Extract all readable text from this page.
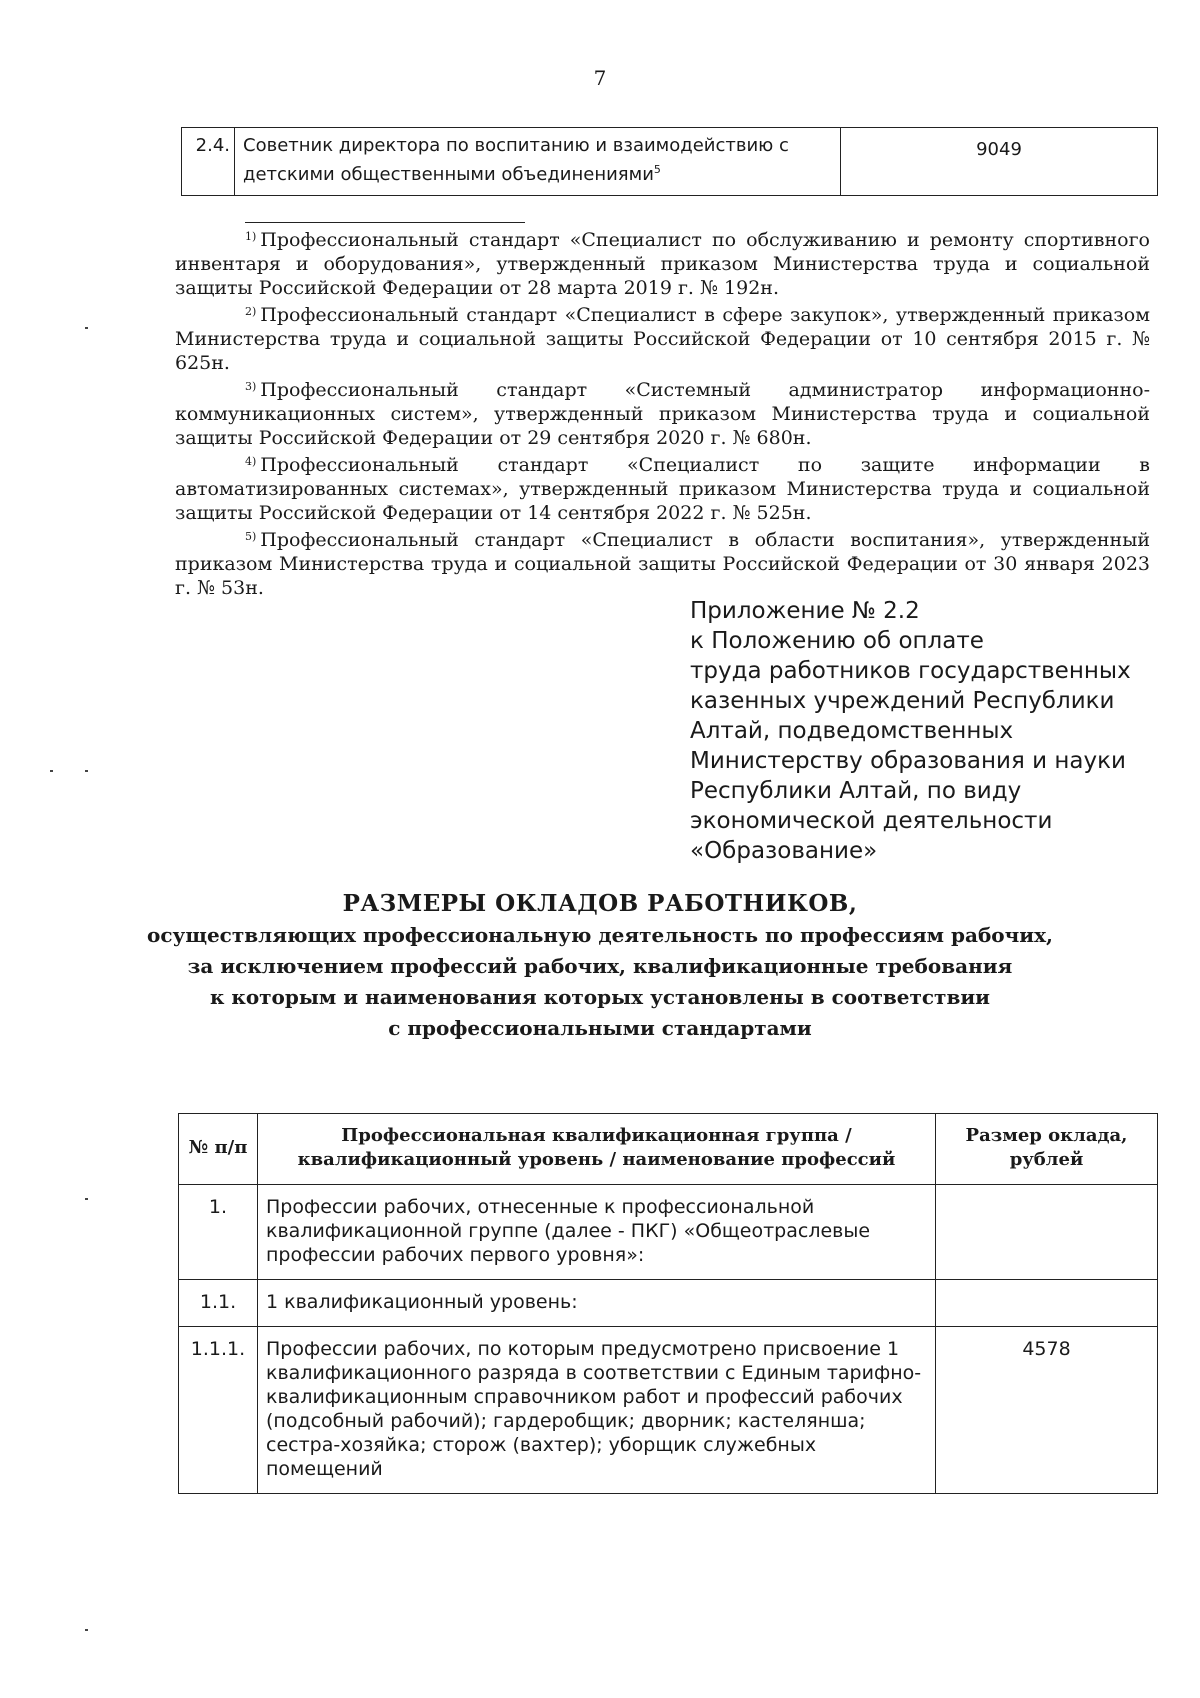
7
2.4.	Советник директора по воспитанию и взаимодействию с детскими общественными объединениями$^5$	9049

$^{1)}$ Профессиональный стандарт «Специалист по обслуживанию и ремонту спортивного инвентаря и оборудования», утвержденный приказом Министерства труда и социальной защиты Российской Федерации от 28 марта 2019 г. № 192н.

$^{2)}$ Профессиональный стандарт «Специалист в сфере закупок», утвержденный приказом Министерства труда и социальной защиты Российской Федерации от 10 сентября 2015 г. № 625н.

$^{3)}$ Профессиональный стандарт «Системный администратор информационно-коммуникационных систем», утвержденный приказом Министерства труда и социальной защиты Российской Федерации от 29 сентября 2020 г. № 680н.

$^{4)}$ Профессиональный стандарт «Специалист по защите информации в автоматизированных системах», утвержденный приказом Министерства труда и социальной защиты Российской Федерации от 14 сентября 2022 г. № 525н.

$^{5)}$ Профессиональный стандарт «Специалист в области воспитания», утвержденный приказом Министерства труда и социальной защиты Российской Федерации от 30 января 2023 г. № 53н.

Приложение № 2.2
к Положению об оплате
труда работников государственных
казенных учреждений Республики
Алтай, подведомственных
Министерству образования и науки
Республики Алтай, по виду
экономической деятельности
«Образование»
РАЗМЕРЫ ОКЛАДОВ РАБОТНИКОВ,
осуществляющих профессиональную деятельность по профессиям рабочих,
за исключением профессий рабочих, квалификационные требования
к которым и наименования которых установлены в соответствии
с профессиональными стандартами
№ п/п	Профессиональная квалификационная группа / квалификационный уровень / наименование профессий	Размер оклада, рублей
1.	Профессии рабочих, отнесенные к профессиональной квалификационной группе (далее - ПКГ) «Общеотраслевые профессии рабочих первого уровня»:	
1.1.	1 квалификационный уровень:	
1.1.1.	Профессии рабочих, по которым предусмотрено присвоение 1 квалификационного разряда в соответствии с Единым тарифно-квалификационным справочником работ и профессий рабочих (подсобный рабочий); гардеробщик; дворник; кастелянша; сестра-хозяйка; сторож (вахтер); уборщик служебных помещений	4578
